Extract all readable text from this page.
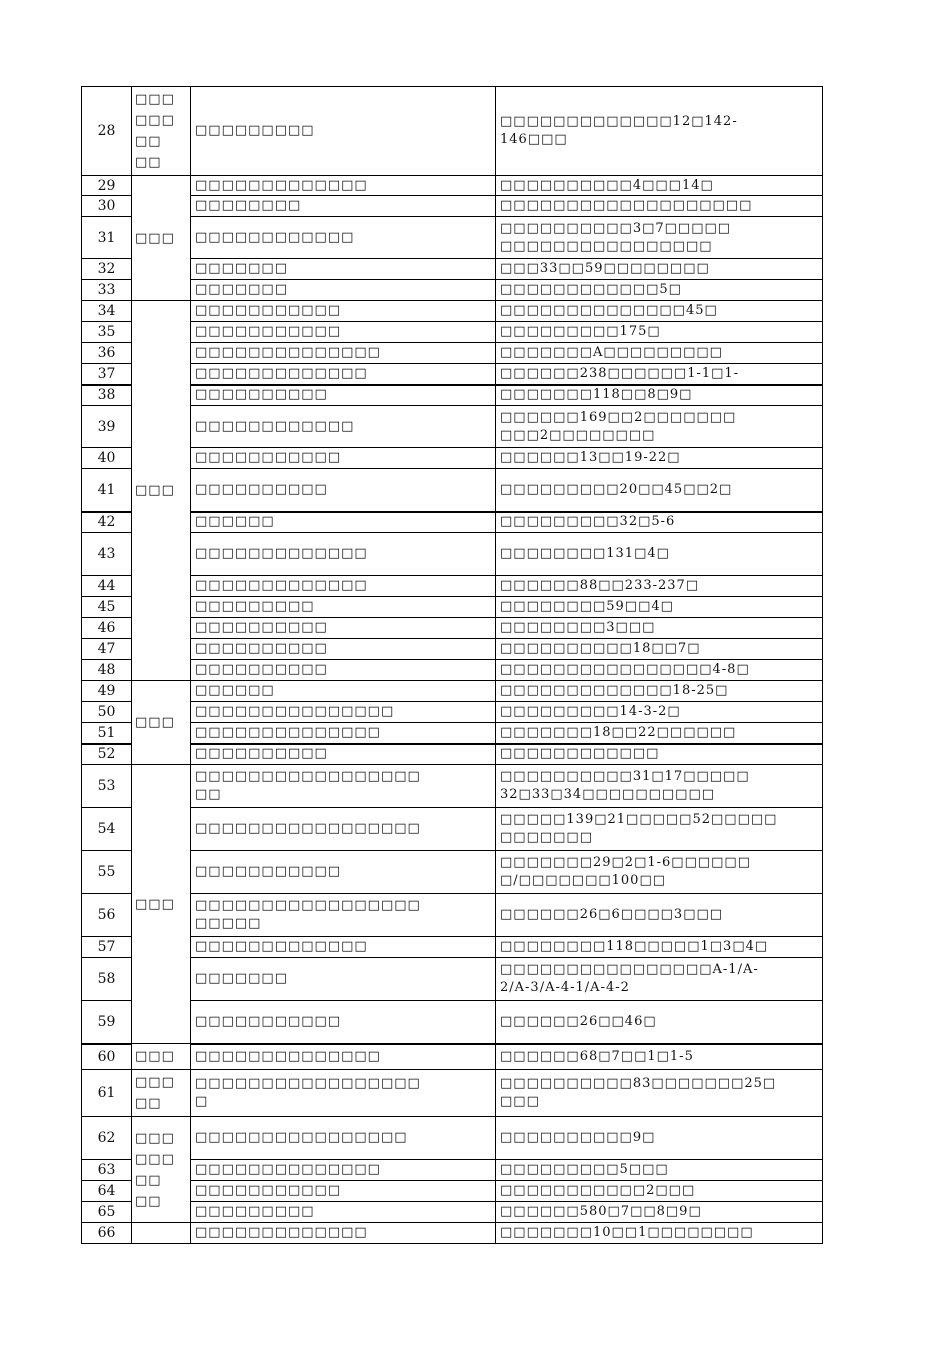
28	□□□
□□□
□□
□□	□□□□□□□□□	□□□□□□□□□□□□□12□142-
146□□□
29	□□□	□□□□□□□□□□□□□	□□□□□□□□□□4□□□14□
30		□□□□□□□□	□□□□□□□□□□□□□□□□□□□
31		□□□□□□□□□□□□	□□□□□□□□□□3□7□□□□□
□□□□□□□□□□□□□□□□
32		□□□□□□□	□□□33□□59□□□□□□□□
33		□□□□□□□	□□□□□□□□□□□□5□
34	□□□	□□□□□□□□□□□	□□□□□□□□□□□□□□45□
35		□□□□□□□□□□□	□□□□□□□□□175□
36		□□□□□□□□□□□□□□	□□□□□□□A□□□□□□□□□
37		□□□□□□□□□□□□□	□□□□□□238□□□□□□1-1□1-
38		□□□□□□□□□□	□□□□□□□118□□8□9□
39		□□□□□□□□□□□□	□□□□□□169□□2□□□□□□□
□□□2□□□□□□□□
40		□□□□□□□□□□□	□□□□□□13□□19-22□
41		□□□□□□□□□□	□□□□□□□□□20□□45□□2□
42		□□□□□□	□□□□□□□□□32□5-6
43		□□□□□□□□□□□□□	□□□□□□□□131□4□
44		□□□□□□□□□□□□□	□□□□□□88□□233-237□
45		□□□□□□□□□	□□□□□□□□59□□4□
46		□□□□□□□□□□	□□□□□□□□3□□□
47		□□□□□□□□□□	□□□□□□□□□□18□□7□
48		□□□□□□□□□□	□□□□□□□□□□□□□□□□4-8□
49	□□□	□□□□□□	□□□□□□□□□□□□□18-25□
50		□□□□□□□□□□□□□□□	□□□□□□□□□14-3-2□
51		□□□□□□□□□□□□□□	□□□□□□□18□□22□□□□□□
52		□□□□□□□□□□	□□□□□□□□□□□□
53	□□□	□□□□□□□□□□□□□□□□□
□□	□□□□□□□□□□31□17□□□□□
32□33□34□□□□□□□□□□
54		□□□□□□□□□□□□□□□□□	□□□□□139□21□□□□□52□□□□□
□□□□□□□
55		□□□□□□□□□□□	□□□□□□□29□2□1-6□□□□□□
□/□□□□□□□100□□
56		□□□□□□□□□□□□□□□□□
□□□□□	□□□□□□26□6□□□□3□□□
57		□□□□□□□□□□□□□	□□□□□□□□118□□□□□1□3□4□
58		□□□□□□□	□□□□□□□□□□□□□□□□A-1/A-
2/A-3/A-4-1/A-4-2
59		□□□□□□□□□□□	□□□□□□26□□46□
60	□□□	□□□□□□□□□□□□□□	□□□□□□68□7□□1□1-5
61	□□□
□□	□□□□□□□□□□□□□□□□□
□	□□□□□□□□□□83□□□□□□□25□
□□□
62	□□□
□□□
□□
□□	□□□□□□□□□□□□□□□□	□□□□□□□□□□9□
63		□□□□□□□□□□□□□□	□□□□□□□□□5□□□
64		□□□□□□□□□□□	□□□□□□□□□□□2□□□
65		□□□□□□□□□	□□□□□□580□7□□8□9□
66		□□□□□□□□□□□□□	□□□□□□□10□□1□□□□□□□□
